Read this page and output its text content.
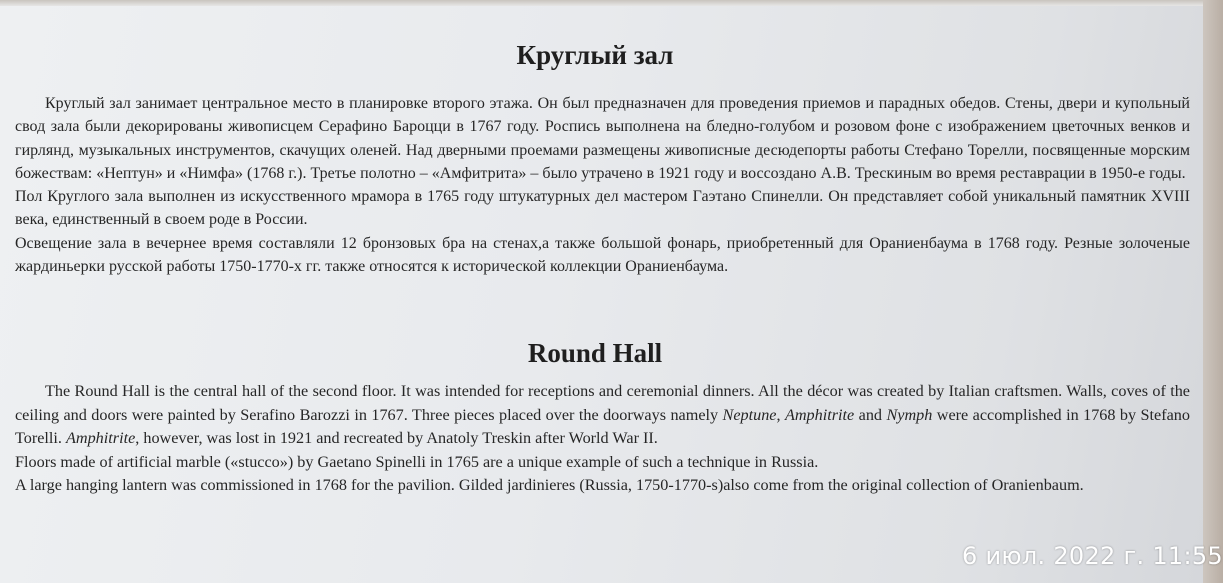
Круглый зал

Круглый зал занимает центральное место в планировке второго этажа. Он был предназначен для проведения приемов и парадных обедов. Стены, двери и купольный свод зала были декорированы живописцем Серафино Бароцци в 1767 году. Роспись выполнена на бледно-голубом и розовом фоне с изображением цветочных венков и гирлянд, музыкальных инструментов, скачущих оленей. Над дверными проемами размещены живописные десюдепорты работы Стефано Торелли, посвященные морским божествам: «Нептун» и «Нимфа» (1768 г.). Третье полотно – «Амфитрита» – было утрачено в 1921 году и воссоздано А.В. Трескиным во время реставрации в 1950-е годы.

Пол Круглого зала выполнен из искусственного мрамора в 1765 году штукатурных дел мастером Гаэтано Спинелли. Он представляет собой уникальный памятник XVIII века, единственный в своем роде в России.

Освещение зала в вечернее время составляли 12 бронзовых бра на стенах,а также большой фонарь, приобретенный для Ораниенбаума в 1768 году. Резные золоченые жардиньерки русской работы 1750-1770-х гг. также относятся к исторической коллекции Ораниенбаума.

Round Hall

The Round Hall is the central hall of the second floor. It was intended for receptions and ceremonial dinners. All the décor was created by Italian craftsmen. Walls, coves of the ceiling and doors were painted by Serafino Barozzi in 1767. Three pieces placed over the doorways namely Neptune, Amphitrite and Nymph were accomplished in 1768 by Stefano Torelli. Amphitrite, however, was lost in 1921 and recreated by Anatoly Treskin after World War II.

Floors made of artificial marble («stucco») by Gaetano Spinelli in 1765 are a unique example of such a technique in Russia.

A large hanging lantern was commissioned in 1768 for the pavilion. Gilded jardinieres (Russia, 1750-1770-s)also come from the original collection of Oranienbaum.

6 июл. 2022 г. 11:55
